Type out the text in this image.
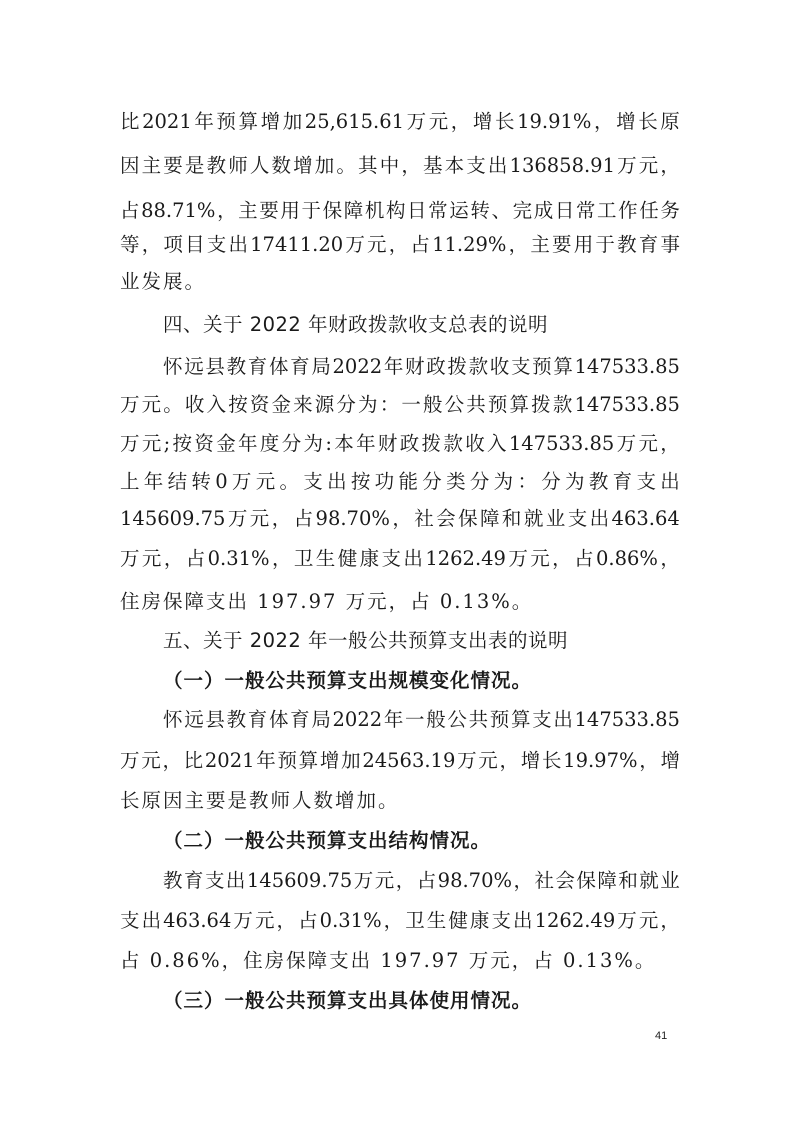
比 2021 年 预 算 增 加 25,615.61 万 元 ， 增 长 19.91% ， 增 长 原
因 主 要 是 教 师 人 数 增 加 。 其 中 ， 基 本 支 出 136858.91 万 元 ，
占 88.71% ， 主 要 用 于 保 障 机 构 日 常 运 转 、 完 成 日 常 工 作 任 务
等 ， 项 目 支 出 17411.20 万 元 ， 占 11.29% ， 主 要 用 于 教 育 事
业发展。
四、关于 2022 年财政拨款收支总表的说明
怀 远 县 教 育 体 育 局 2022 年 财 政 拨 款 收 支 预 算 147533.85
万 元 。 收 入 按 资 金 来 源 分 为 ： 一 般 公 共 预 算 拨 款 147533.85
万 元 ; 按 资 金 年 度 分 为 : 本 年 财 政 拨 款 收 入 147533.85 万 元 ，
上 年 结 转 0 万 元 。 支 出 按 功 能 分 类 分 为 ： 分 为 教 育 支 出
145609.75 万 元 ， 占 98.70% ， 社 会 保 障 和 就 业 支 出 463.64
万 元 ， 占 0.31% ， 卫 生 健 康 支 出 1262.49 万 元 ， 占 0.86% ，
住房保障支出 197.97 万元，占 0.13%。
五、关于 2022 年一般公共预算支出表的说明
（一）一般公共预算支出规模变化情况。
怀 远 县 教 育 体 育 局 2022 年 一 般 公 共 预 算 支 出 147533.85
万 元 ， 比 2021 年 预 算 增 加 24563.19 万 元 ， 增 长 19.97% ， 增
长原因主要是教师人数增加。
（二）一般公共预算支出结构情况。
教 育 支 出 145609.75 万 元 ， 占 98.70% ， 社 会 保 障 和 就 业
支 出 463.64 万 元 ， 占 0.31% ， 卫 生 健 康 支 出 1262.49 万 元 ，
占 0.86%，住房保障支出 197.97 万元，占 0.13%。
（三）一般公共预算支出具体使用情况。
41
